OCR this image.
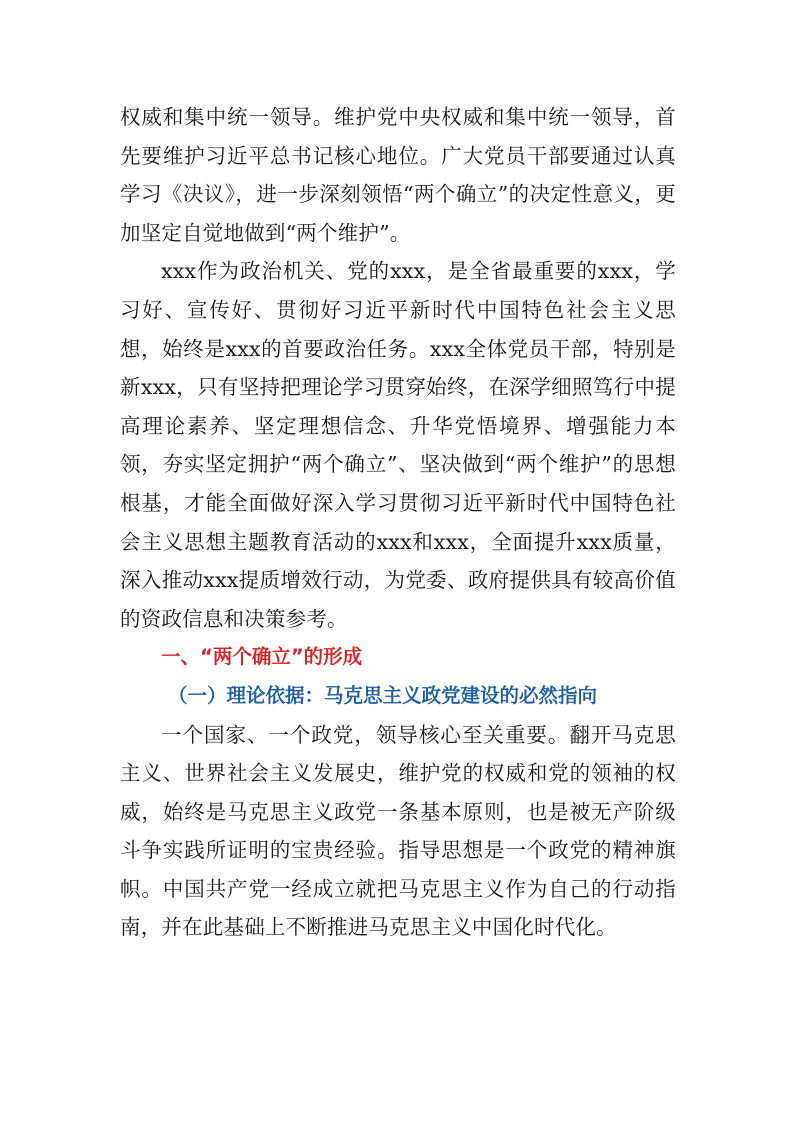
权威和集中统一领导。维护党中央权威和集中统一领导，首先要维护习近平总书记核心地位。广大党员干部要通过认真学习《决议》，进一步深刻领悟“两个确立”的决定性意义，更加坚定自觉地做到“两个维护”。

xxx作为政治机关、党的xxx，是全省最重要的xxx，学习好、宣传好、贯彻好习近平新时代中国特色社会主义思想，始终是xxx的首要政治任务。xxx全体党员干部，特别是新xxx，只有坚持把理论学习贯穿始终，在深学细照笃行中提高理论素养、坚定理想信念、升华党悟境界、增强能力本领，夯实坚定拥护“两个确立”、坚决做到“两个维护”的思想根基，才能全面做好深入学习贯彻习近平新时代中国特色社会主义思想主题教育活动的xxx和xxx，全面提升xxx质量，深入推动xxx提质增效行动，为党委、政府提供具有较高价值的资政信息和决策参考。

一、“两个确立”的形成
（一）理论依据：马克思主义政党建设的必然指向

一个国家、一个政党，领导核心至关重要。翻开马克思主义、世界社会主义发展史，维护党的权威和党的领袖的权威，始终是马克思主义政党一条基本原则，也是被无产阶级斗争实践所证明的宝贵经验。指导思想是一个政党的精神旗帜。中国共产党一经成立就把马克思主义作为自己的行动指南，并在此基础上不断推进马克思主义中国化时代化。
